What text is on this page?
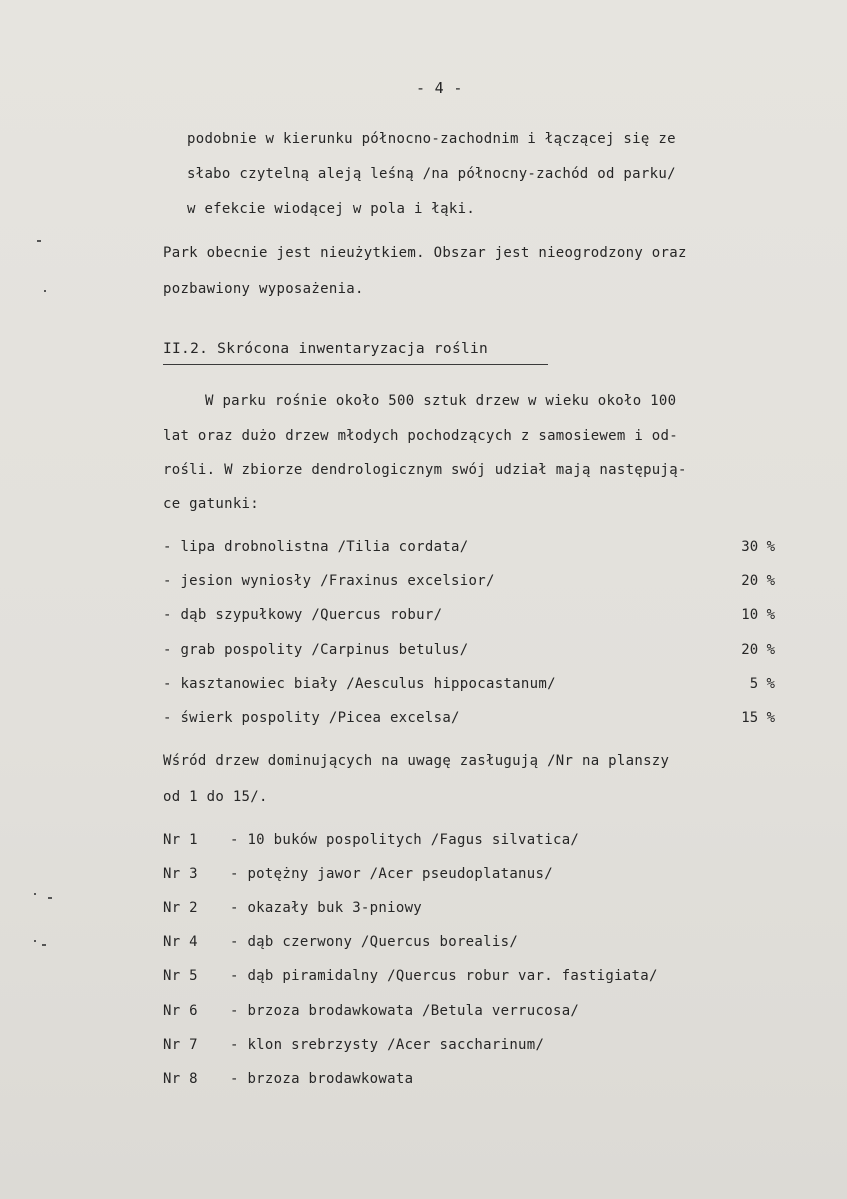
- 4 -
podobnie w kierunku północno-zachodnim i łączącej się ze
słabo czytelną aleją leśną /na północny-zachód od parku/
w efekcie wiodącej w pola i łąki.
Park obecnie jest nieużytkiem. Obszar jest nieogrodzony oraz
pozbawiony wyposażenia.
II.2. Skrócona inwentaryzacja roślin
W parku rośnie około 500 sztuk drzew w wieku około 100
lat oraz dużo drzew młodych pochodzących z samosiewem i od-
rośli. W zbiorze dendrologicznym swój udział mają następują-
ce gatunki:
- lipa drobnolistna /Tilia cordata/	30 %
- jesion wyniosły /Fraxinus excelsior/	20 %
- dąb szypułkowy /Quercus robur/	10 %
- grab pospolity /Carpinus betulus/	20 %
- kasztanowiec biały /Aesculus hippocastanum/	5 %
- świerk pospolity /Picea excelsa/	15 %
Wśród drzew dominujących na uwagę zasługują /Nr na planszy
od 1 do 15/.
Nr 1 - 10 buków pospolitych /Fagus silvatica/
Nr 3 - potężny jawor /Acer pseudoplatanus/
Nr 2 - okazały buk 3-pniowy
Nr 4 - dąb czerwony /Quercus borealis/
Nr 5 - dąb piramidalny /Quercus robur var. fastigiata/
Nr 6 - brzoza brodawkowata /Betula verrucosa/
Nr 7 - klon srebrzysty /Acer saccharinum/
Nr 8 - brzoza brodawkowata
